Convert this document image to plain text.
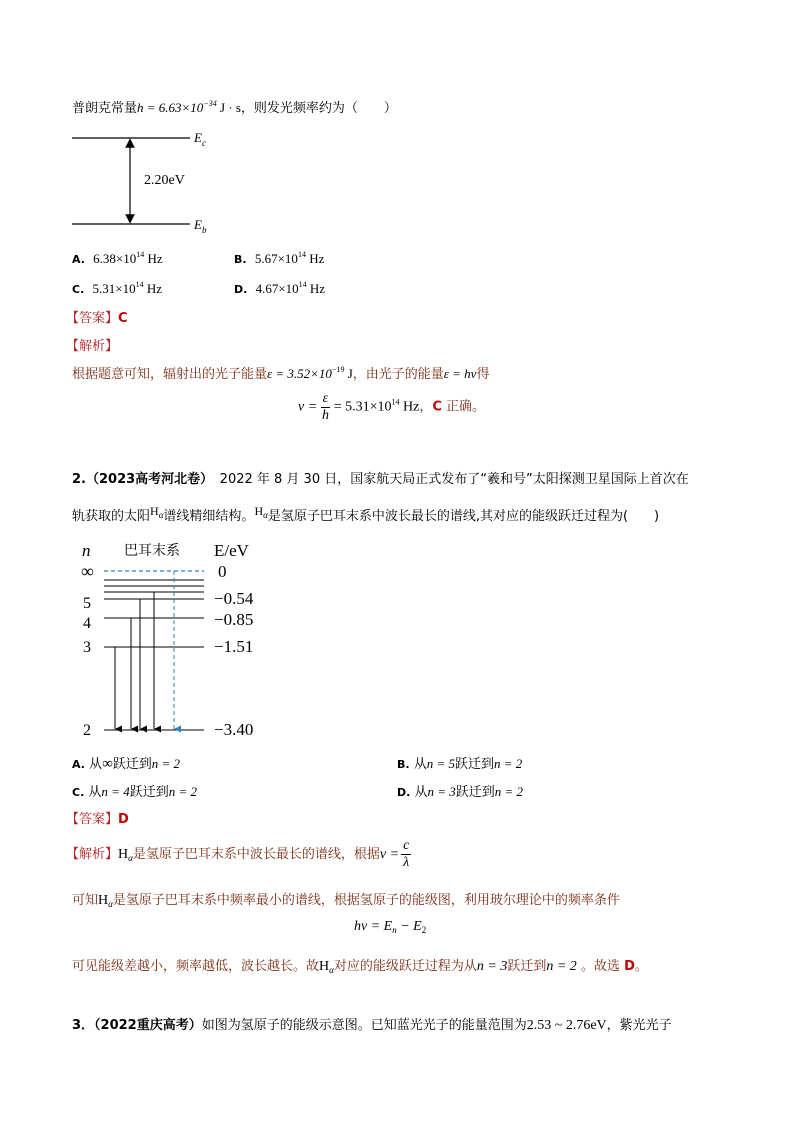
普朗克常量$h = 6.63\times 10^{-34}$ J · s，则发光频率约为（　　）
$E_c$
2.20eV
$E_b$
A. $6.38\times 10^{14}$ Hz	B. $5.67\times 10^{14}$ Hz
C. $5.31\times 10^{14}$ Hz	D. $4.67\times 10^{14}$ Hz
【答案】C
【解析】
根据题意可知，辐射出的光子能量$\varepsilon = 3.52\times 10^{-19}$ J，由光子的能量ε = hν得
$\nu = \frac{\varepsilon}{h} = 5.31\times 10^{14}$ Hz，C 正确。
2.（2023高考河北卷）　2022 年 8 月 30 日，国家航天局正式发布了“羲和号”太阳探测卫星国际上首次在
轨获取的太阳$H_\alpha$谱线精细结构。$H_\alpha$是氢原子巴耳末系中波长最长的谱线,其对应的能级跃迁过程为(　　)
n 巴耳末系 E/eV
∞
5
4
3
2
0
−0.54
−0.85
−1.51
−3.40
A. 从∞跃迁到n = 2	B. 从n = 5跃迁到n = 2
C. 从n = 4跃迁到n = 2	D. 从n = 3跃迁到n = 2
【答案】D
【解析】$H_\alpha$是氢原子巴耳末系中波长最长的谱线，根据$\nu = \frac{c}{\lambda}$
可知$H_\alpha$是氢原子巴耳末系中频率最小的谱线，根据氢原子的能级图，利用玻尔理论中的频率条件
$h\nu = E_n - E_2$
可见能级差越小，频率越低，波长越长。故$H_\alpha$对应的能级跃迁过程为从n = 3跃迁到n = 2 。故选 D。
3．（2022重庆高考）如图为氢原子的能级示意图。已知蓝光光子的能量范围为2.53 ~ 2.76eV，紫光光子
